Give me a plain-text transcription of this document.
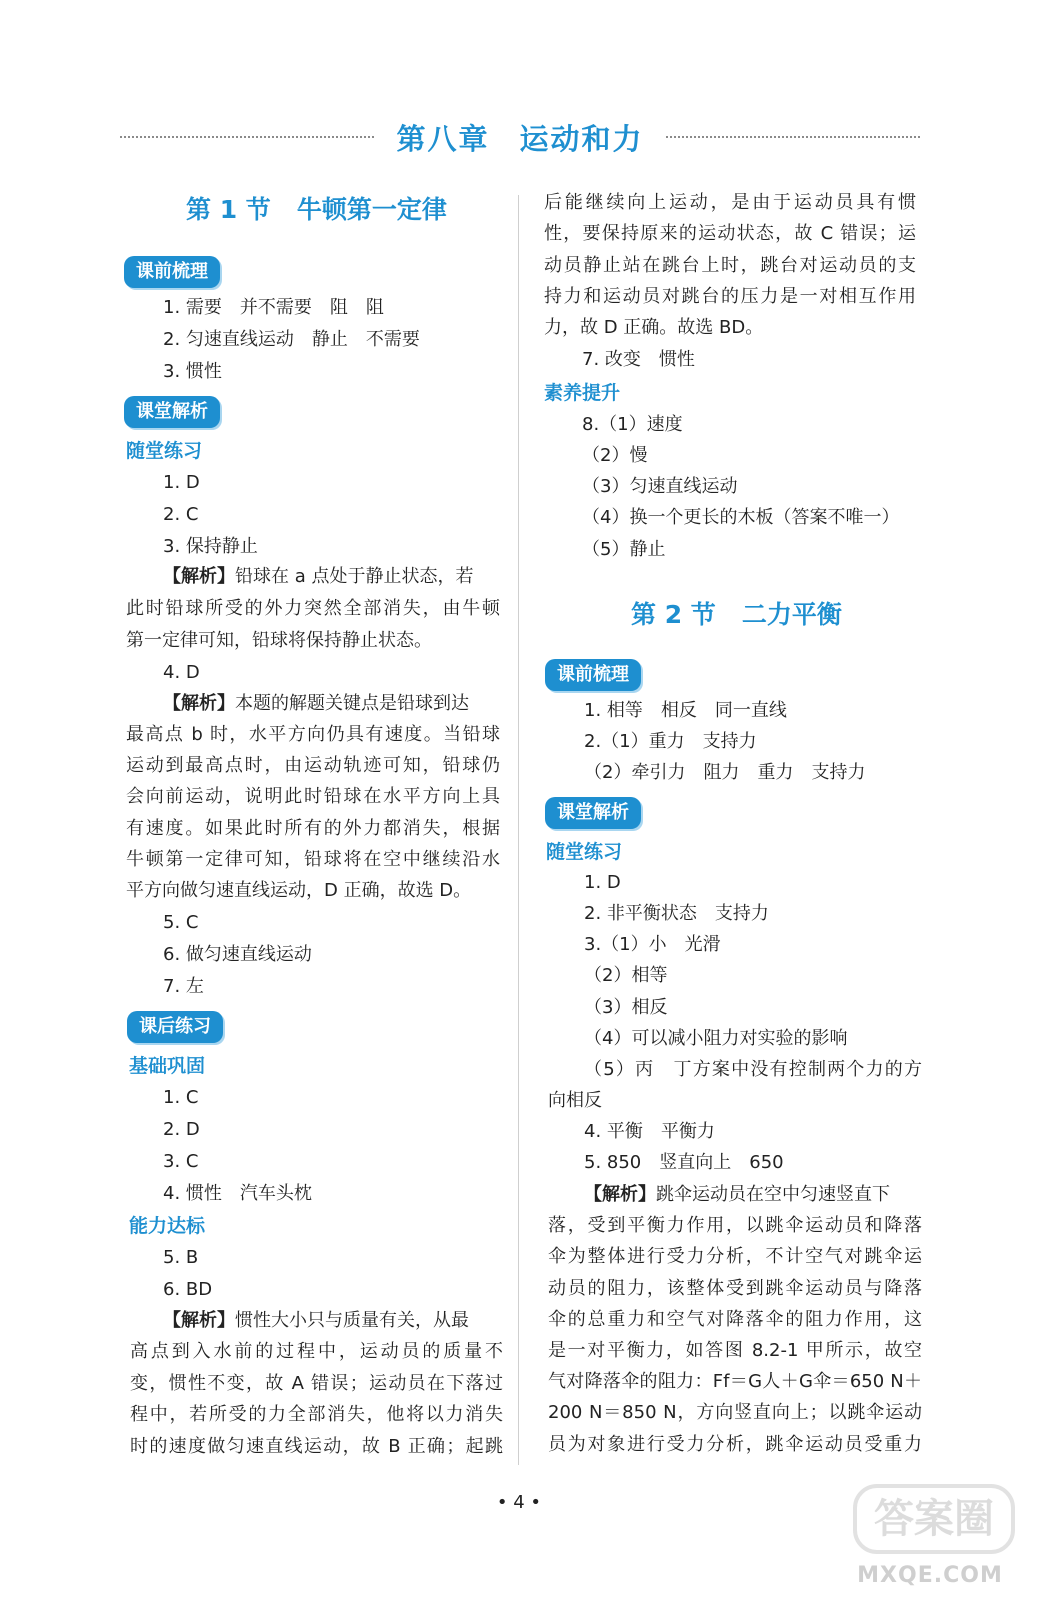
第八章 运动和力
第 1 节 牛顿第一定律
课前梳理
1. 需要　并不需要　阻　阻
2. 匀速直线运动　静止　不需要
3. 惯性
课堂解析
随堂练习
1. D
2. C
3. 保持静止
【解析】铅球在 a 点处于静止状态，若
此时铅球所受的外力突然全部消失，由牛顿
第一定律可知，铅球将保持静止状态。
4. D
【解析】本题的解题关键点是铅球到达
最高点 b 时，水平方向仍具有速度。当铅球
运动到最高点时，由运动轨迹可知，铅球仍
会向前运动，说明此时铅球在水平方向上具
有速度。如果此时所有的外力都消失，根据
牛顿第一定律可知，铅球将在空中继续沿水
平方向做匀速直线运动，D 正确，故选 D。
5. C
6. 做匀速直线运动
7. 左
课后练习
基础巩固
1. C
2. D
3. C
4. 惯性　汽车头枕
能力达标
5. B
6. BD
【解析】惯性大小只与质量有关，从最
高点到入水前的过程中，运动员的质量不
变，惯性不变，故 A 错误；运动员在下落过
程中，若所受的力全部消失，他将以力消失
时的速度做匀速直线运动，故 B 正确；起跳
后能继续向上运动，是由于运动员具有惯
性，要保持原来的运动状态，故 C 错误；运
动员静止站在跳台上时，跳台对运动员的支
持力和运动员对跳台的压力是一对相互作用
力，故 D 正确。故选 BD。
7. 改变　惯性
素养提升
8.（1）速度
（2）慢
（3）匀速直线运动
（4）换一个更长的木板（答案不唯一）
（5）静止
第 2 节 二力平衡
课前梳理
1. 相等　相反　同一直线
2.（1）重力　支持力
（2）牵引力　阻力　重力　支持力
课堂解析
随堂练习
1. D
2. 非平衡状态　支持力
3.（1）小　光滑
（2）相等
（3）相反
（4）可以减小阻力对实验的影响
（5）丙　丁方案中没有控制两个力的方
向相反
4. 平衡　平衡力
5. 850　竖直向上　650
【解析】跳伞运动员在空中匀速竖直下
落，受到平衡力作用，以跳伞运动员和降落
伞为整体进行受力分析，不计空气对跳伞运
动员的阻力，该整体受到跳伞运动员与降落
伞的总重力和空气对降落伞的阻力作用，这
是一对平衡力，如答图 8.2-1 甲所示，故空
气对降落伞的阻力：Ff＝G人＋G伞＝650 N＋
200 N＝850 N，方向竖直向上；以跳伞运动
员为对象进行受力分析，跳伞运动员受重力
• 4 •	答案圈
MXQE.COM
